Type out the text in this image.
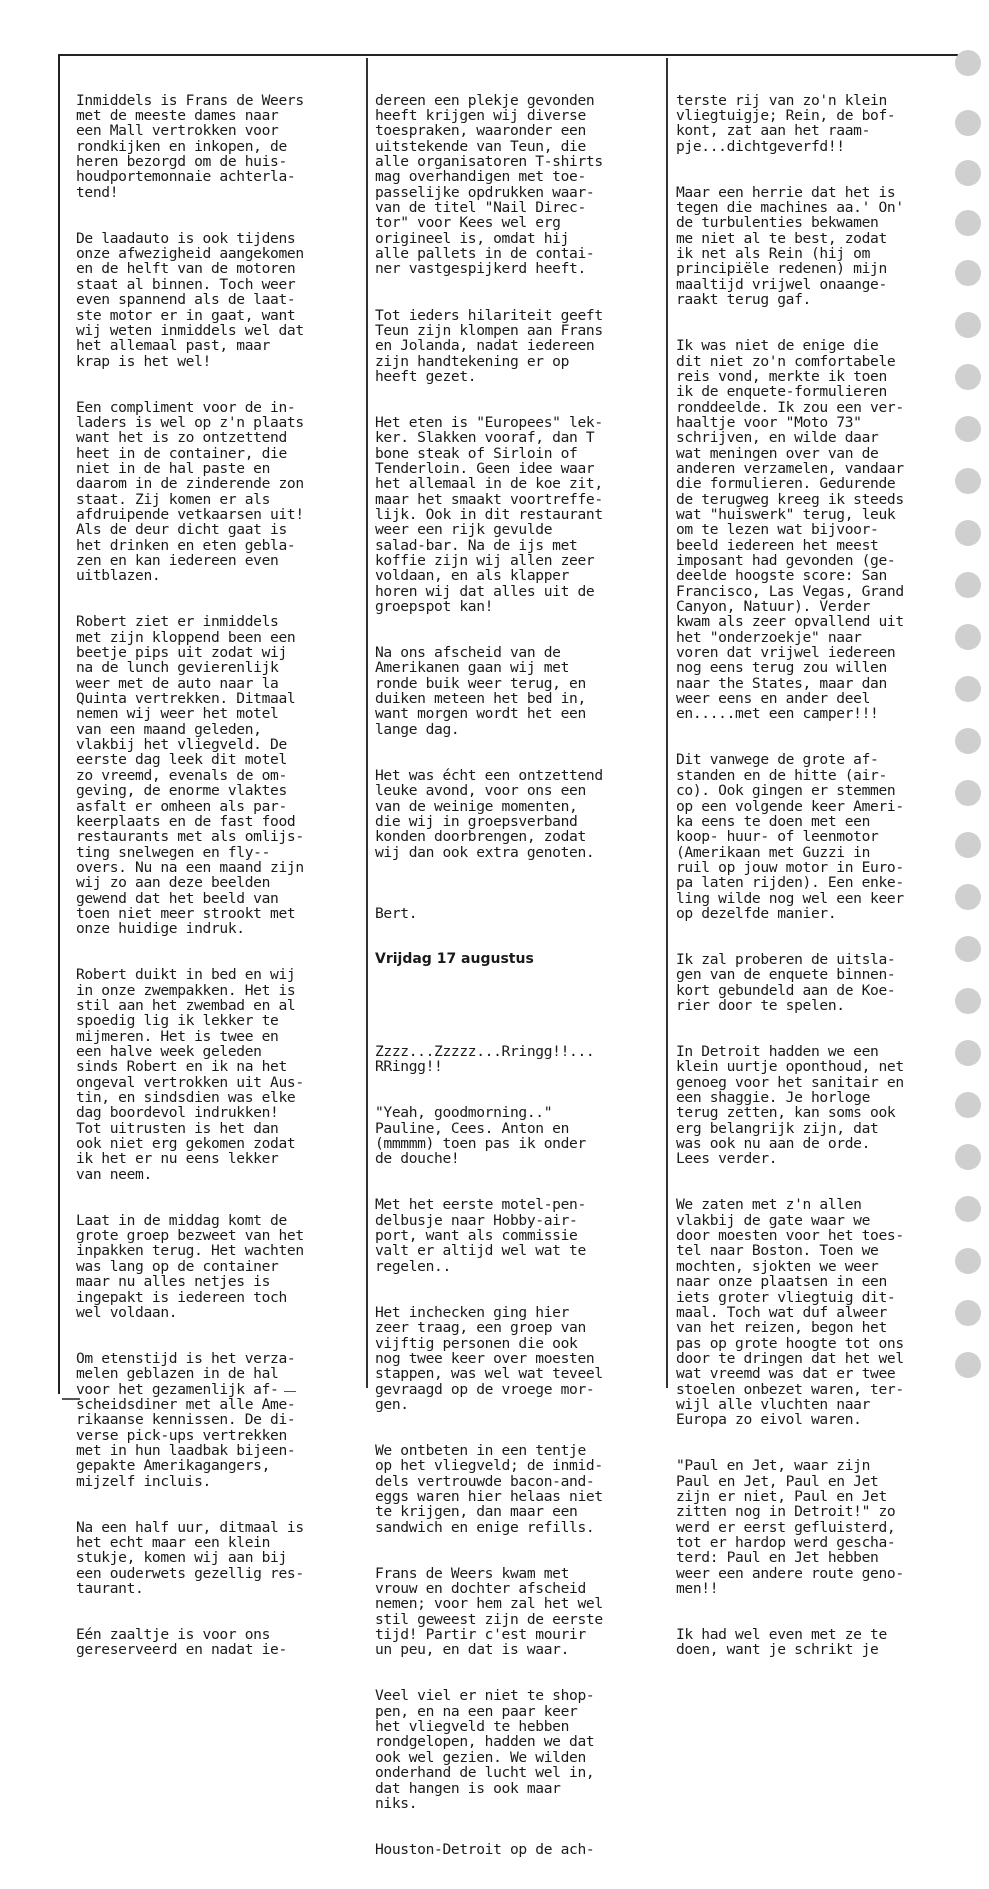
Inmiddels is Frans de Weers
met de meeste dames naar
een Mall vertrokken voor
rondkijken en inkopen, de
heren bezorgd om de huis-
houdportemonnaie achterla-
tend!

De laadauto is ook tijdens
onze afwezigheid aangekomen
en de helft van de motoren
staat al binnen. Toch weer
even spannend als de laat-
ste motor er in gaat, want
wij weten inmiddels wel dat
het allemaal past, maar
krap is het wel!

Een compliment voor de in-
laders is wel op z'n plaats
want het is zo ontzettend
heet in de container, die
niet in de hal paste en
daarom in de zinderende zon
staat. Zij komen er als
afdruipende vetkaarsen uit!
Als de deur dicht gaat is
het drinken en eten gebla-
zen en kan iedereen even
uitblazen.

Robert ziet er inmiddels
met zijn kloppend been een
beetje pips uit zodat wij
na de lunch gevierenlijk
weer met de auto naar la
Quinta vertrekken. Ditmaal
nemen wij weer het motel
van een maand geleden,
vlakbij het vliegveld. De
eerste dag leek dit motel
zo vreemd, evenals de om-
geving, de enorme vlaktes
asfalt er omheen als par-
keerplaats en de fast food
restaurants met als omlijs-
ting snelwegen en fly--
overs. Nu na een maand zijn
wij zo aan deze beelden
gewend dat het beeld van
toen niet meer strookt met
onze huidige indruk.

Robert duikt in bed en wij
in onze zwempakken. Het is
stil aan het zwembad en al
spoedig lig ik lekker te
mijmeren. Het is twee en
een halve week geleden
sinds Robert en ik na het
ongeval vertrokken uit Aus-
tin, en sindsdien was elke
dag boordevol indrukken!
Tot uitrusten is het dan
ook niet erg gekomen zodat
ik het er nu eens lekker
van neem.

Laat in de middag komt de
grote groep bezweet van het
inpakken terug. Het wachten
was lang op de container
maar nu alles netjes is
ingepakt is iedereen toch
wel voldaan.

Om etenstijd is het verza-
melen geblazen in de hal
voor het gezamenlijk af-
scheidsdiner met alle Ame-
rikaanse kennissen. De di-
verse pick-ups vertrekken
met in hun laadbak bijeen-
gepakte Amerikagangers,
mijzelf incluis.

Na een half uur, ditmaal is
het echt maar een klein
stukje, komen wij aan bij
een ouderwets gezellig res-
taurant.

Eén zaaltje is voor ons
gereserveerd en nadat ie-

dereen een plekje gevonden
heeft krijgen wij diverse
toespraken, waaronder een
uitstekende van Teun, die
alle organisatoren T-shirts
mag overhandigen met toe-
passelijke opdrukken waar-
van de titel "Nail Direc-
tor" voor Kees wel erg
origineel is, omdat hij
alle pallets in de contai-
ner vastgespijkerd heeft.

Tot ieders hilariteit geeft
Teun zijn klompen aan Frans
en Jolanda, nadat iedereen
zijn handtekening er op
heeft gezet.

Het eten is "Europees" lek-
ker. Slakken vooraf, dan T
bone steak of Sirloin of
Tenderloin. Geen idee waar
het allemaal in de koe zit,
maar het smaakt voortreffe-
lijk. Ook in dit restaurant
weer een rijk gevulde
salad-bar. Na de ijs met
koffie zijn wij allen zeer
voldaan, en als klapper
horen wij dat alles uit de
groepspot kan!

Na ons afscheid van de
Amerikanen gaan wij met
ronde buik weer terug, en
duiken meteen het bed in,
want morgen wordt het een
lange dag.

Het was écht een ontzettend
leuke avond, voor ons een
van de weinige momenten,
die wij in groepsverband
konden doorbrengen, zodat
wij dan ook extra genoten.

Bert.

Vrijdag 17 augustus

Zzzz...Zzzzz...Rringg!!...
RRingg!!

"Yeah, goodmorning.."
Pauline, Cees. Anton en
(mmmmm) toen pas ik onder
de douche!

Met het eerste motel-pen-
delbusje naar Hobby-air-
port, want als commissie
valt er altijd wel wat te
regelen..

Het inchecken ging hier
zeer traag, een groep van
vijftig personen die ook
nog twee keer over moesten
stappen, was wel wat teveel
gevraagd op de vroege mor-
gen.

We ontbeten in een tentje
op het vliegveld; de inmid-
dels vertrouwde bacon-and-
eggs waren hier helaas niet
te krijgen, dan maar een
sandwich en enige refills.

Frans de Weers kwam met
vrouw en dochter afscheid
nemen; voor hem zal het wel
stil geweest zijn de eerste
tijd! Partir c'est mourir
un peu, en dat is waar.

Veel viel er niet te shop-
pen, en na een paar keer
het vliegveld te hebben
rondgelopen, hadden we dat
ook wel gezien. We wilden
onderhand de lucht wel in,
dat hangen is ook maar
niks.

Houston-Detroit op de ach-

terste rij van zo'n klein
vliegtuigje; Rein, de bof-
kont, zat aan het raam-
pje...dichtgeverfd!!

Maar een herrie dat het is
tegen die machines aa.' On'
de turbulenties bekwamen
me niet al te best, zodat
ik net als Rein (hij om
principiële redenen) mijn
maaltijd vrijwel onaange-
raakt terug gaf.

Ik was niet de enige die
dit niet zo'n comfortabele
reis vond, merkte ik toen
ik de enquete-formulieren
ronddeelde. Ik zou een ver-
haaltje voor "Moto 73"
schrijven, en wilde daar
wat meningen over van de
anderen verzamelen, vandaar
die formulieren. Gedurende
de terugweg kreeg ik steeds
wat "huiswerk" terug, leuk
om te lezen wat bijvoor-
beeld iedereen het meest
imposant had gevonden (ge-
deelde hoogste score: San
Francisco, Las Vegas, Grand
Canyon, Natuur). Verder
kwam als zeer opvallend uit
het "onderzoekje" naar
voren dat vrijwel iedereen
nog eens terug zou willen
naar the States, maar dan
weer eens en ander deel
en.....met een camper!!!

Dit vanwege de grote af-
standen en de hitte (air-
co). Ook gingen er stemmen
op een volgende keer Ameri-
ka eens te doen met een
koop- huur- of leenmotor
(Amerikaan met Guzzi in
ruil op jouw motor in Euro-
pa laten rijden). Een enke-
ling wilde nog wel een keer
op dezelfde manier.

Ik zal proberen de uitsla-
gen van de enquete binnen-
kort gebundeld aan de Koe-
rier door te spelen.

In Detroit hadden we een
klein uurtje oponthoud, net
genoeg voor het sanitair en
een shaggie. Je horloge
terug zetten, kan soms ook
erg belangrijk zijn, dat
was ook nu aan de orde.
Lees verder.

We zaten met z'n allen
vlakbij de gate waar we
door moesten voor het toes-
tel naar Boston. Toen we
mochten, sjokten we weer
naar onze plaatsen in een
iets groter vliegtuig dit-
maal. Toch wat duf alweer
van het reizen, begon het
pas op grote hoogte tot ons
door te dringen dat het wel
wat vreemd was dat er twee
stoelen onbezet waren, ter-
wijl alle vluchten naar
Europa zo eivol waren.

"Paul en Jet, waar zijn
Paul en Jet, Paul en Jet
zijn er niet, Paul en Jet
zitten nog in Detroit!" zo
werd er eerst gefluisterd,
tot er hardop werd gescha-
terd: Paul en Jet hebben
weer een andere route geno-
men!!

Ik had wel even met ze te
doen, want je schrikt je
